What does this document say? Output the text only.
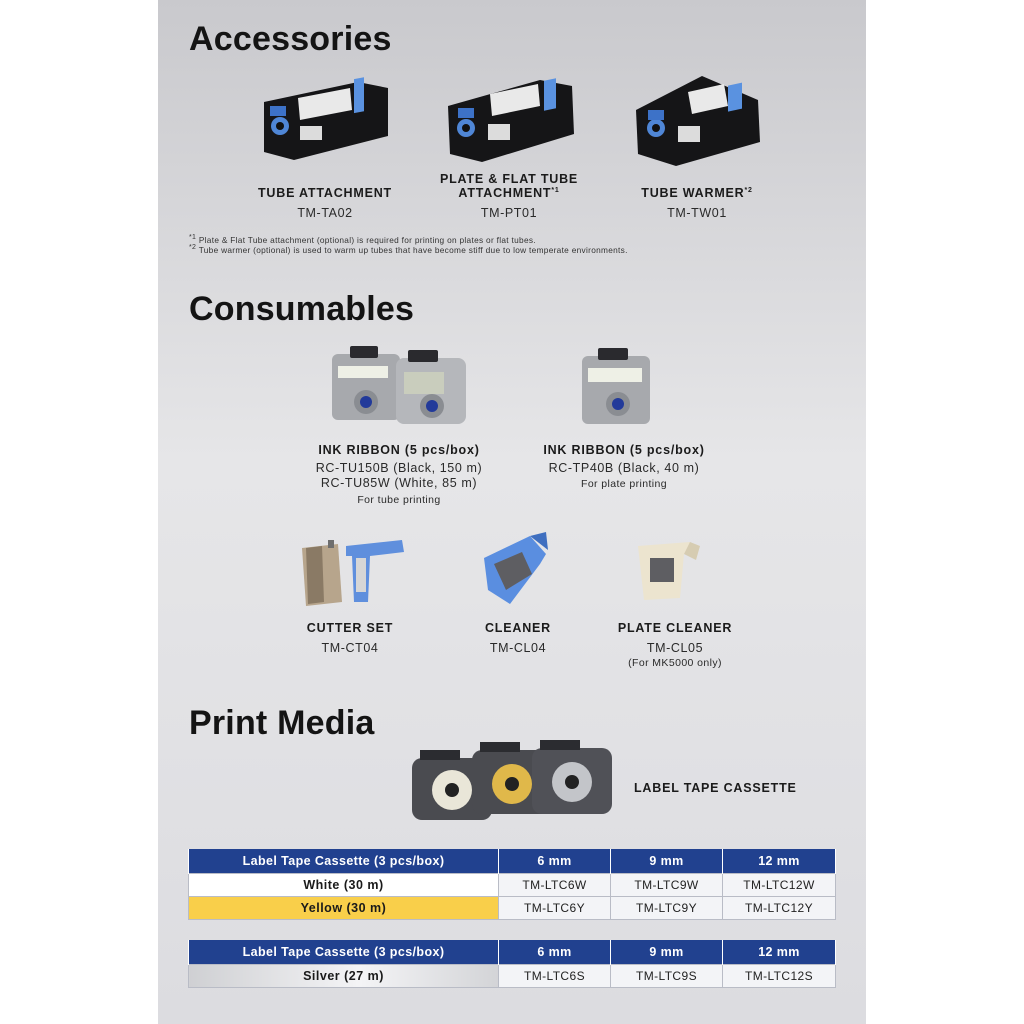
Accessories
TUBE ATTACHMENT
TM-TA02
PLATE & FLAT TUBE
ATTACHMENT$^{*1}$
TM-PT01
TUBE WARMER$^{*2}$
TM-TW01
$^{*1}$ Plate & Flat Tube attachment (optional) is required for printing on plates or flat tubes.
$^{*2}$ Tube warmer (optional) is used to warm up tubes that have become stiff due to low temperate environments.
Consumables
INK RIBBON (5 pcs/box)
RC-TU150B (Black, 150 m)
RC-TU85W (White, 85 m)
For tube printing
INK RIBBON (5 pcs/box)
RC-TP40B (Black, 40 m)
For plate printing
CUTTER SET
TM-CT04
CLEANER
TM-CL04
PLATE CLEANER
TM-CL05
(For MK5000 only)
Print Media
LABEL TAPE CASSETTE
Label Tape Cassette (3 pcs/box)	6 mm	9 mm	12 mm
White (30 m)	TM-LTC6W	TM-LTC9W	TM-LTC12W
Yellow (30 m)	TM-LTC6Y	TM-LTC9Y	TM-LTC12Y
Label Tape Cassette (3 pcs/box)	6 mm	9 mm	12 mm
Silver (27 m)	TM-LTC6S	TM-LTC9S	TM-LTC12S
